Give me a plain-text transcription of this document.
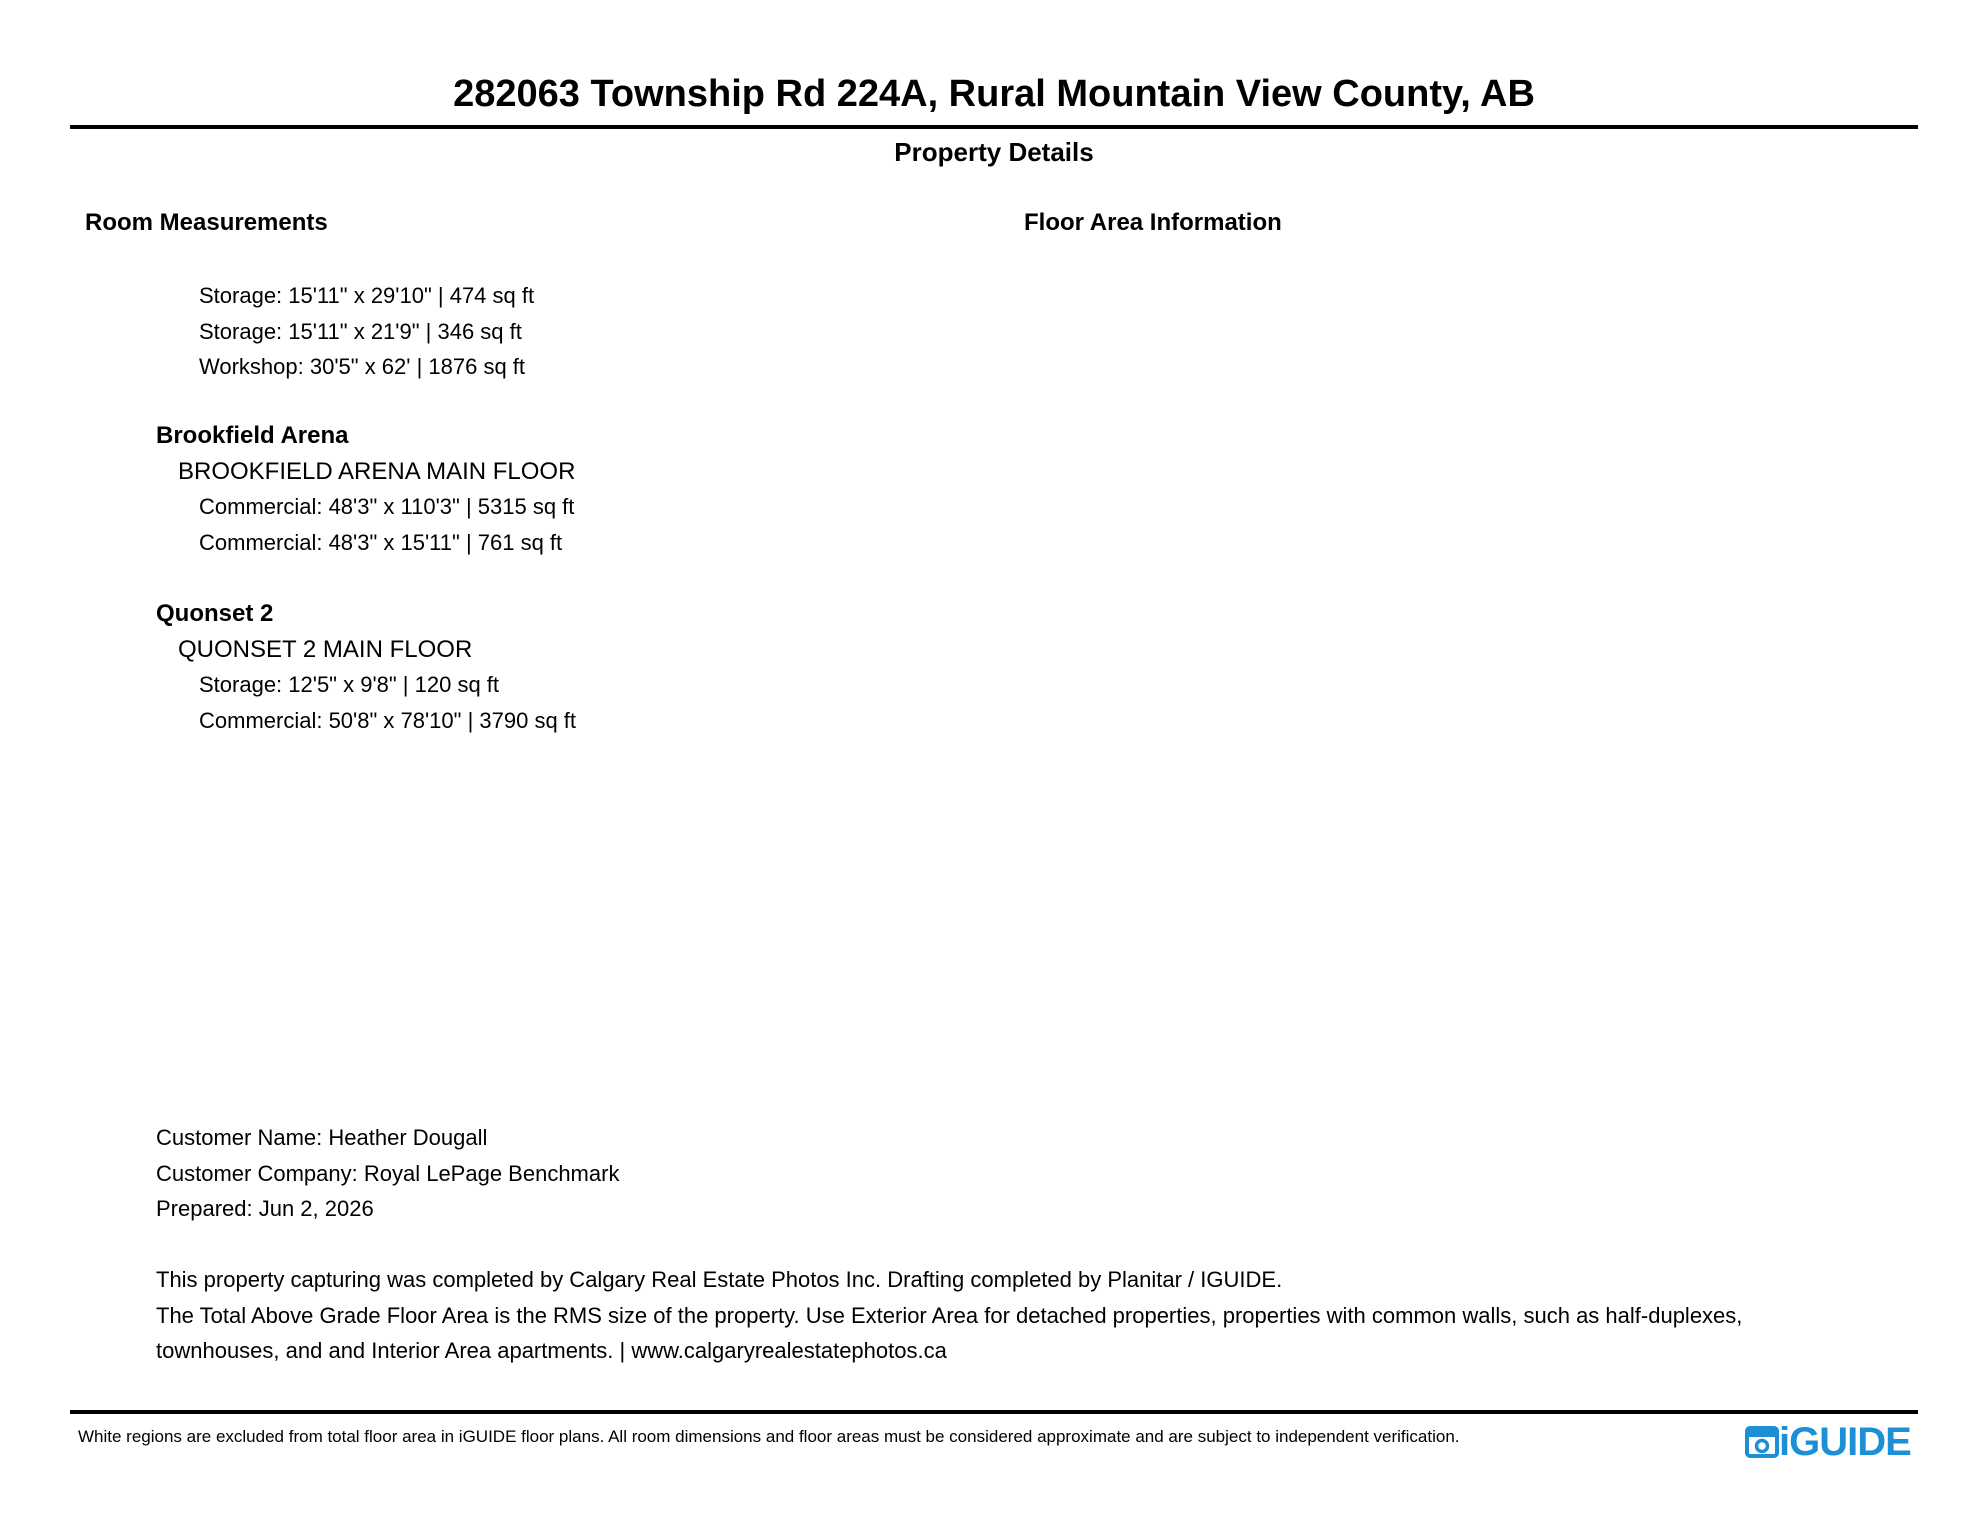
282063 Township Rd 224A, Rural Mountain View County, AB
Property Details
Room Measurements	Floor Area Information
Storage: 15'11" x 29'10" | 474 sq ft
Storage: 15'11" x 21'9" | 346 sq ft
Workshop: 30'5" x 62' | 1876 sq ft
Brookfield Arena
BROOKFIELD ARENA MAIN FLOOR
Commercial: 48'3" x 110'3" | 5315 sq ft
Commercial: 48'3" x 15'11" | 761 sq ft
Quonset 2
QUONSET 2 MAIN FLOOR
Storage: 12'5" x 9'8" | 120 sq ft
Commercial: 50'8" x 78'10" | 3790 sq ft
Customer Name: Heather Dougall
Customer Company: Royal LePage Benchmark
Prepared: Jun 2, 2026
This property capturing was completed by Calgary Real Estate Photos Inc. Drafting completed by Planitar / IGUIDE.
The Total Above Grade Floor Area is the RMS size of the property. Use Exterior Area for detached properties, properties with common walls, such as half-duplexes,
townhouses, and and Interior Area apartments. | www.calgaryrealestatephotos.ca
White regions are excluded from total floor area in iGUIDE floor plans. All room dimensions and floor areas must be considered approximate and are subject to independent verification.	iGUIDE
